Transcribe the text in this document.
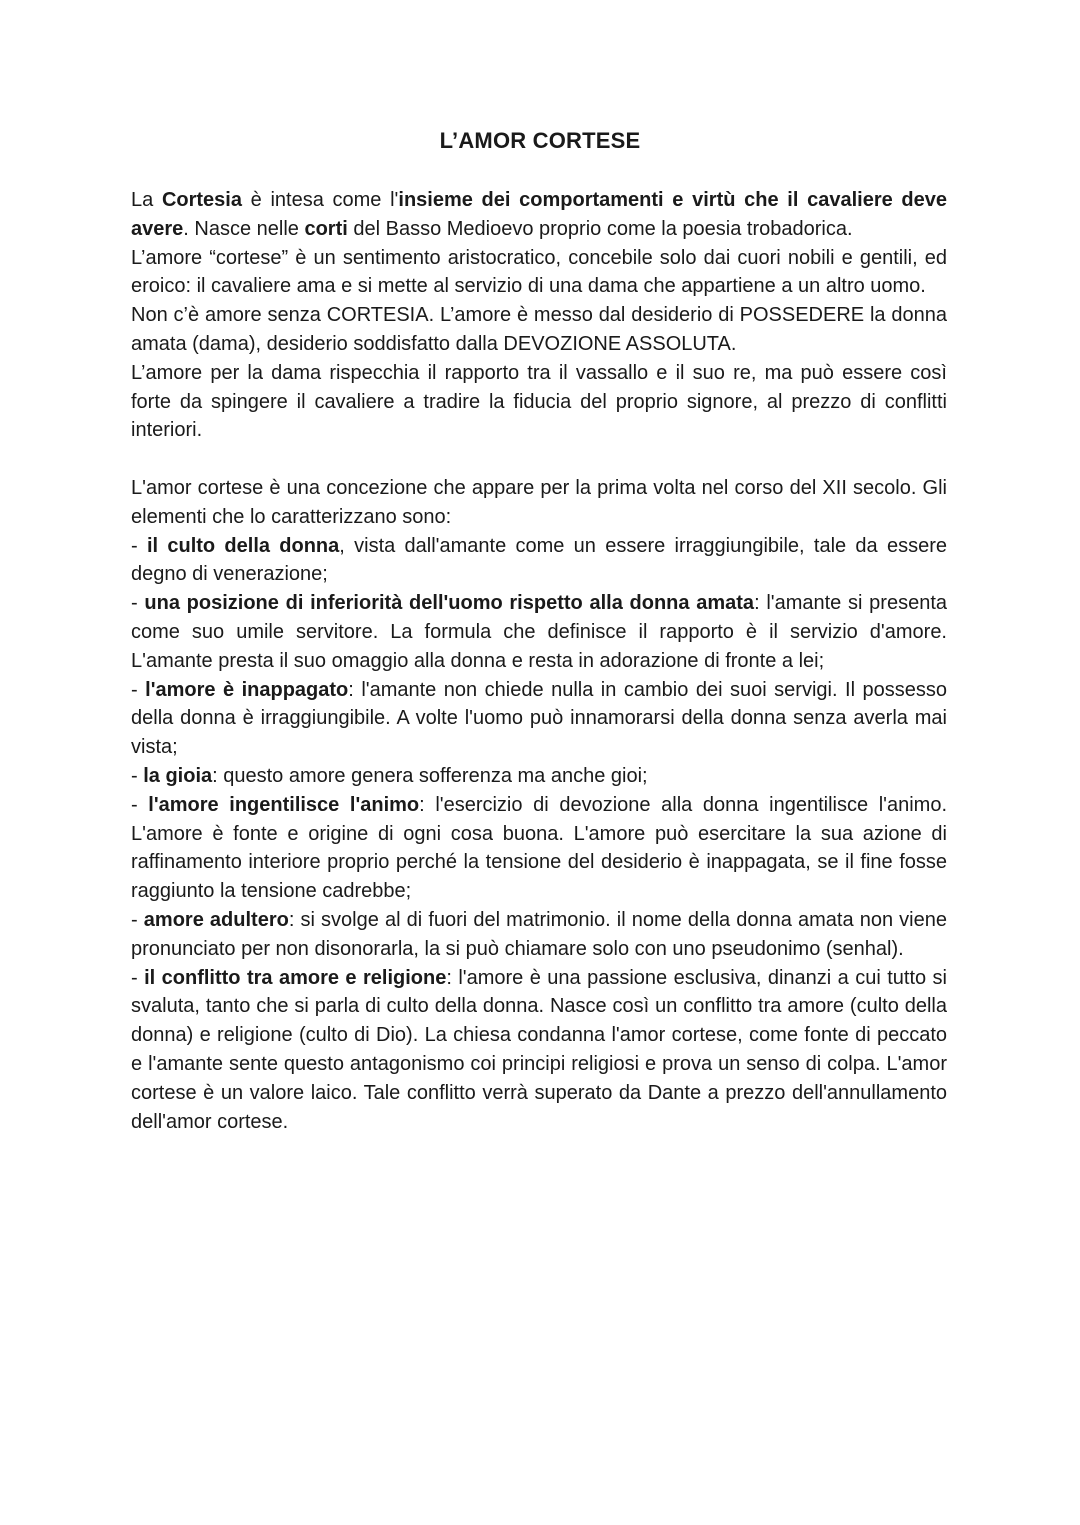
L’AMOR CORTESE

La Cortesia è intesa come l'insieme dei comportamenti e virtù che il cavaliere deve avere. Nasce nelle corti del Basso Medioevo proprio come la poesia trobadorica.

L’amore “cortese” è un sentimento aristocratico, concebile solo dai cuori nobili e gentili, ed eroico: il cavaliere ama e si mette al servizio di una dama che appartiene a un altro uomo.

Non c’è amore senza CORTESIA. L’amore è messo dal desiderio di POSSEDERE la donna amata (dama), desiderio soddisfatto dalla DEVOZIONE ASSOLUTA.

L’amore per la dama rispecchia il rapporto tra il vassallo e il suo re, ma può essere così forte da spingere il cavaliere a tradire la fiducia del proprio signore, al prezzo di conflitti interiori.

L'amor cortese è una concezione che appare per la prima volta nel corso del XII secolo. Gli elementi che lo caratterizzano sono:

- il culto della donna, vista dall'amante come un essere irraggiungibile, tale da essere degno di venerazione;

- una posizione di inferiorità dell'uomo rispetto alla donna amata: l'amante si presenta come suo umile servitore. La formula che definisce il rapporto è il servizio d'amore. L'amante presta il suo omaggio alla donna e resta in adorazione di fronte a lei;

- l'amore è inappagato: l'amante non chiede nulla in cambio dei suoi servigi. Il possesso della donna è irraggiungibile. A volte l'uomo può innamorarsi della donna senza averla mai vista;

- la gioia: questo amore genera sofferenza ma anche gioi;

- l'amore ingentilisce l'animo: l'esercizio di devozione alla donna ingentilisce l'animo. L'amore è fonte e origine di ogni cosa buona. L'amore può esercitare la sua azione di raffinamento interiore proprio perché la tensione del desiderio è inappagata, se il fine fosse raggiunto la tensione cadrebbe;

- amore adultero: si svolge al di fuori del matrimonio. il nome della donna amata non viene pronunciato per non disonorarla, la si può chiamare solo con uno pseudonimo (senhal).

- il conflitto tra amore e religione: l'amore è una passione esclusiva, dinanzi a cui tutto si svaluta, tanto che si parla di culto della donna. Nasce così un conflitto tra amore (culto della donna) e religione (culto di Dio). La chiesa condanna l'amor cortese, come fonte di peccato e l'amante sente questo antagonismo coi principi religiosi e prova un senso di colpa. L'amor cortese è un valore laico. Tale conflitto verrà superato da Dante a prezzo dell'annullamento dell'amor cortese.
